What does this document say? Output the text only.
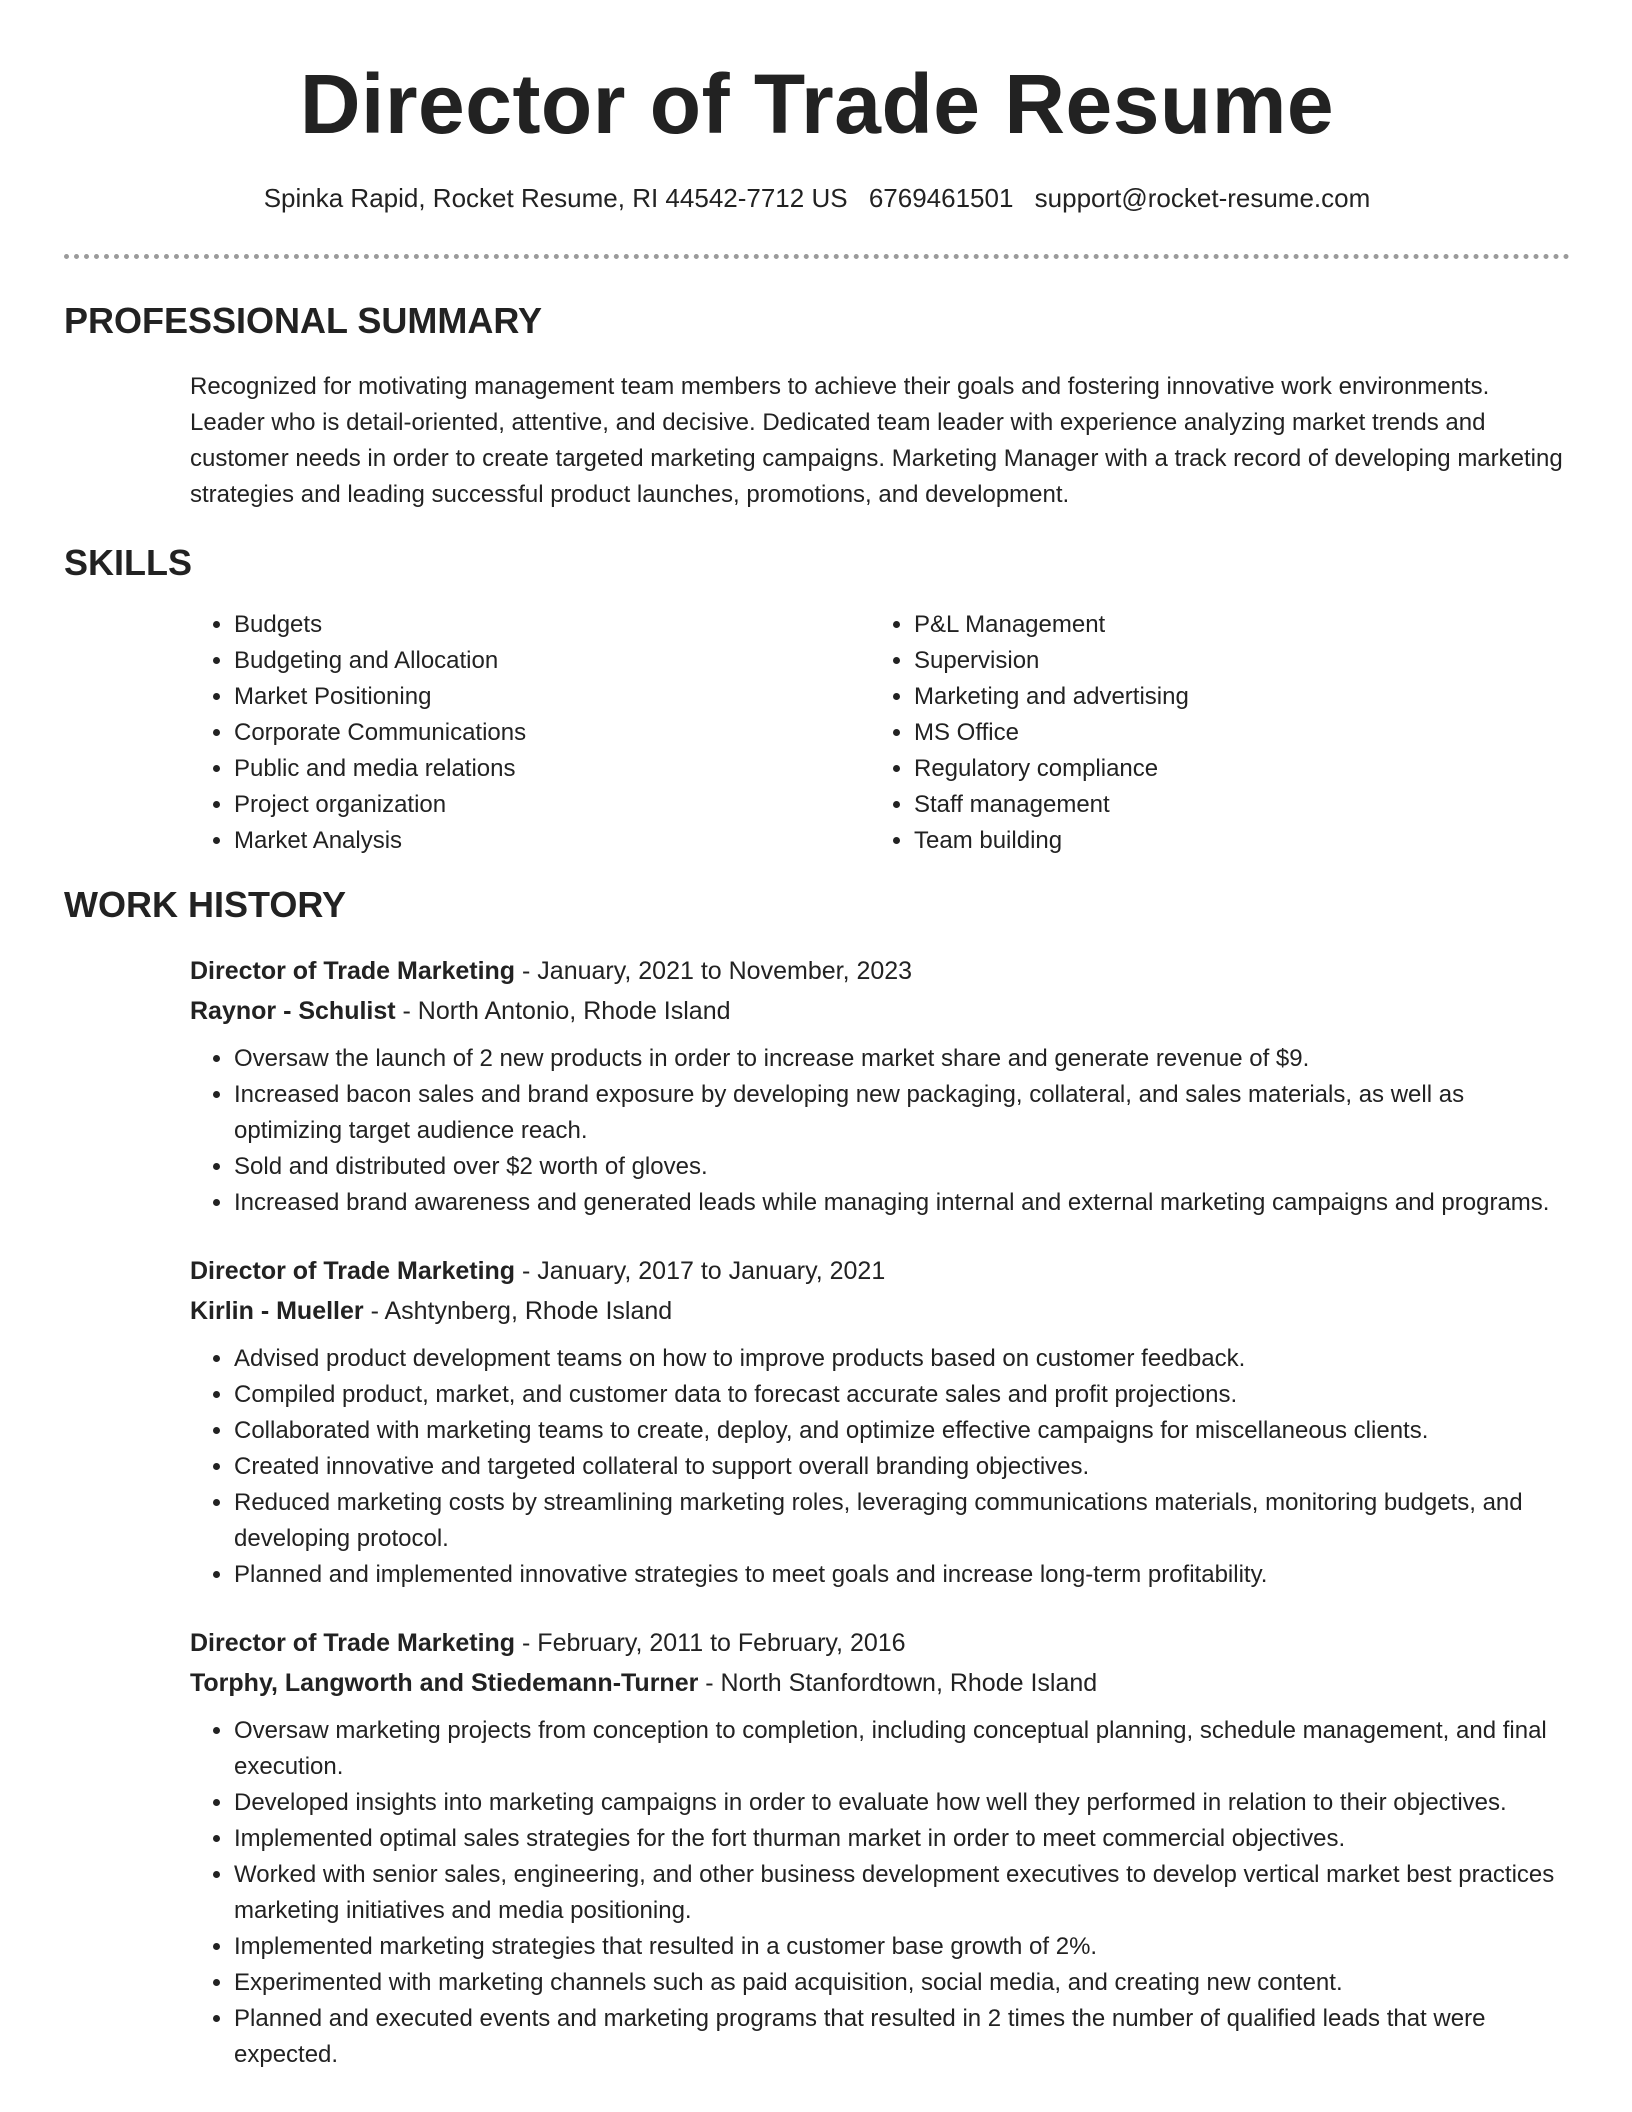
Director of Trade Resume
Spinka Rapid, Rocket Resume, RI 44542-7712 US 6769461501 support@rocket-resume.com
PROFESSIONAL SUMMARY
Recognized for motivating management team members to achieve their goals and fostering innovative work environments. Leader who is detail-oriented, attentive, and decisive. Dedicated team leader with experience analyzing market trends and customer needs in order to create targeted marketing campaigns. Marketing Manager with a track record of developing marketing strategies and leading successful product launches, promotions, and development.
SKILLS
• Budgets
• Budgeting and Allocation
• Market Positioning
• Corporate Communications
• Public and media relations
• Project organization
• Market Analysis
• P&L Management
• Supervision
• Marketing and advertising
• MS Office
• Regulatory compliance
• Staff management
• Team building
WORK HISTORY
Director of Trade Marketing - January, 2021 to November, 2023
Raynor - Schulist - North Antonio, Rhode Island
• Oversaw the launch of 2 new products in order to increase market share and generate revenue of $9.
• Increased bacon sales and brand exposure by developing new packaging, collateral, and sales materials, as well as optimizing target audience reach.
• Sold and distributed over $2 worth of gloves.
• Increased brand awareness and generated leads while managing internal and external marketing campaigns and programs.
Director of Trade Marketing - January, 2017 to January, 2021
Kirlin - Mueller - Ashtynberg, Rhode Island
• Advised product development teams on how to improve products based on customer feedback.
• Compiled product, market, and customer data to forecast accurate sales and profit projections.
• Collaborated with marketing teams to create, deploy, and optimize effective campaigns for miscellaneous clients.
• Created innovative and targeted collateral to support overall branding objectives.
• Reduced marketing costs by streamlining marketing roles, leveraging communications materials, monitoring budgets, and developing protocol.
• Planned and implemented innovative strategies to meet goals and increase long-term profitability.
Director of Trade Marketing - February, 2011 to February, 2016
Torphy, Langworth and Stiedemann-Turner - North Stanfordtown, Rhode Island
• Oversaw marketing projects from conception to completion, including conceptual planning, schedule management, and final execution.
• Developed insights into marketing campaigns in order to evaluate how well they performed in relation to their objectives.
• Implemented optimal sales strategies for the fort thurman market in order to meet commercial objectives.
• Worked with senior sales, engineering, and other business development executives to develop vertical market best practices marketing initiatives and media positioning.
• Implemented marketing strategies that resulted in a customer base growth of 2%.
• Experimented with marketing channels such as paid acquisition, social media, and creating new content.
• Planned and executed events and marketing programs that resulted in 2 times the number of qualified leads that were expected.
